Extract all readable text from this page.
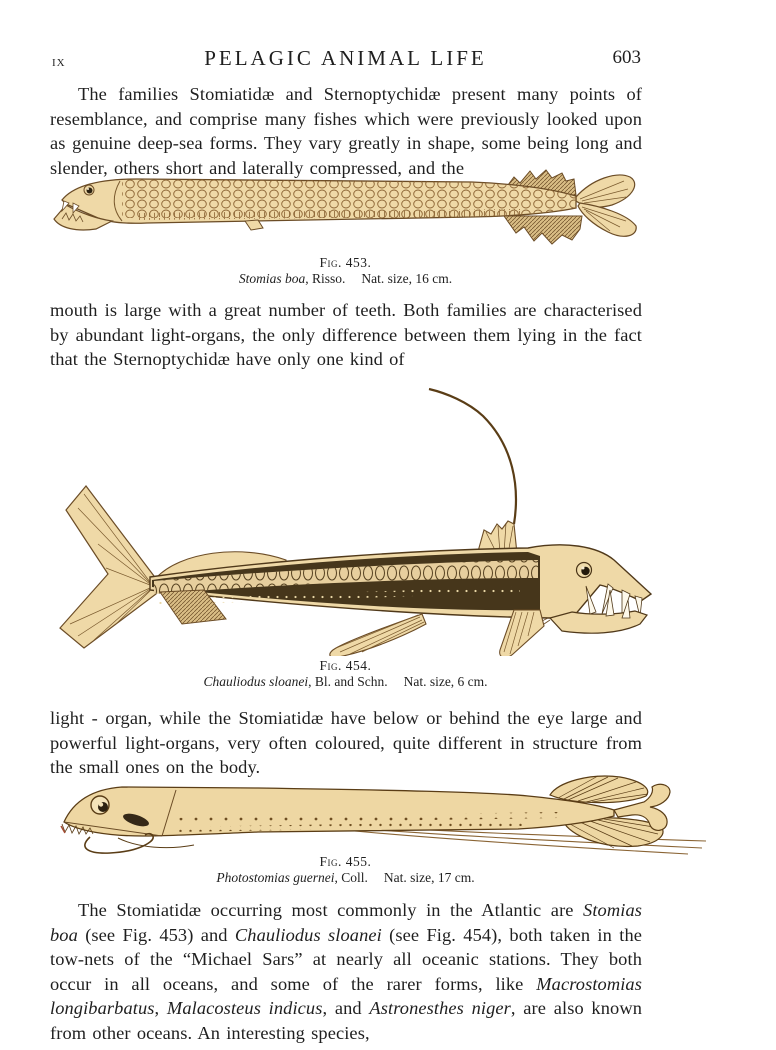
IX	PELAGIC ANIMAL LIFE	603

The families Stomiatidæ and Sternoptychidæ present many points of resemblance, and comprise many fishes which were previously looked upon as genuine deep-sea forms. They vary greatly in shape, some being long and slender, others short and laterally compressed, and the

Fig. 453.
Stomias boa, Risso. Nat. size, 16 cm.

mouth is large with a great number of teeth. Both families are characterised by abundant light-organs, the only difference between them lying in the fact that the Sternoptychidæ have only one kind of

Fig. 454.
Chauliodus sloanei, Bl. and Schn. Nat. size, 6 cm.

light - organ, while the Stomiatidæ have below or behind the eye large and powerful light-organs, very often coloured, quite different in structure from the small ones on the body.

Fig. 455.
Photostomias guernei, Coll. Nat. size, 17 cm.

The Stomiatidæ occurring most commonly in the Atlantic are Stomias boa (see Fig. 453) and Chauliodus sloanei (see Fig. 454), both taken in the tow-nets of the “Michael Sars” at nearly all oceanic stations. They both occur in all oceans, and some of the rarer forms, like Macrostomias longibarbatus, Malacosteus indicus, and Astronesthes niger, are also known from other oceans. An interesting species,
